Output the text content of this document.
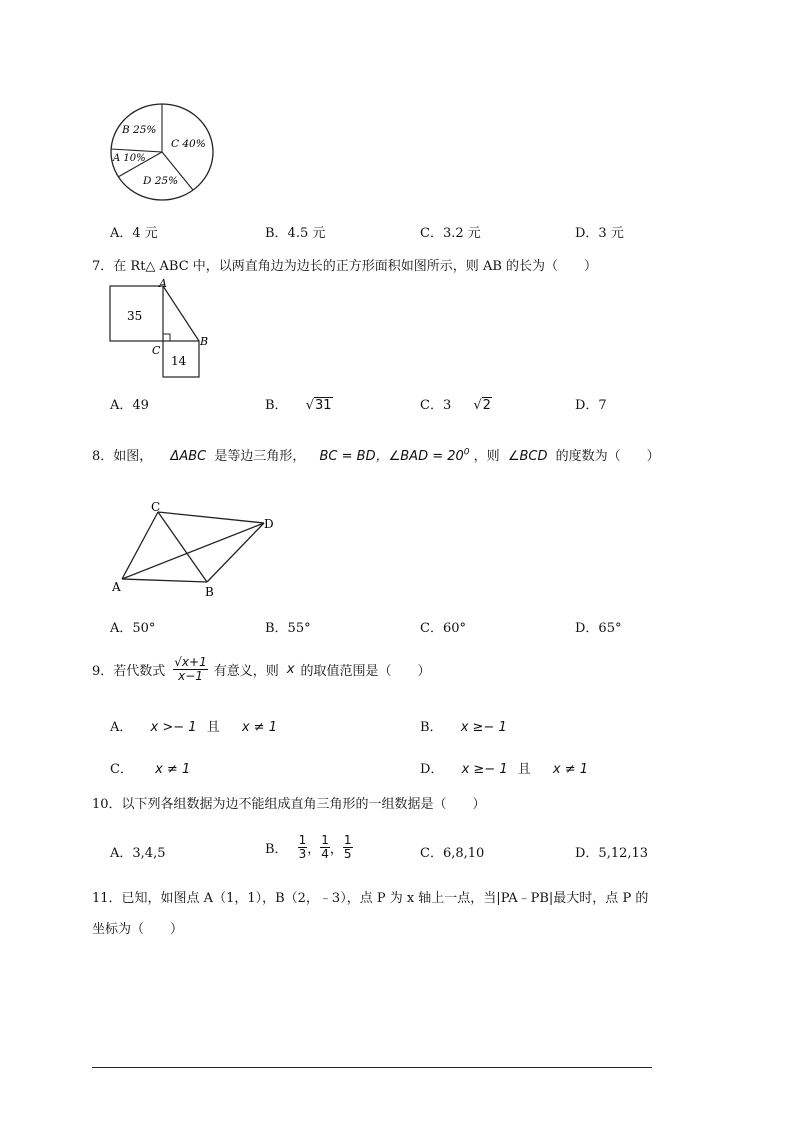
B 25%
C 40%
A 10%
D 25%
A．4 元	B．4.5 元	C．3.2 元	D．3 元
7．在 Rt△ ABC 中，以两直角边为边长的正方形面积如图所示，则 AB 的长为（　　）
35
14
A
B
C
A．49	B． √31	C．3 √2	D．7
8．如图， ΔABC 是等边三角形， BC = BD，∠BAD = $20^0$ ，则 ∠BCD 的度数为（　　）
A	B
C
D
A．50°	B．55°	C．60°	D．65°
9．若代数式 $\frac{√x+1}{x-1}$ 有意义，则 x 的取值范围是（　　）
A． x >− 1 且 x ≠ 1	B． x ≥− 1
C． x ≠ 1	D． x ≥− 1 且 x ≠ 1
10．以下列各组数据为边不能组成直角三角形的一组数据是（　　）
A．3,4,5	B． $\frac{1}{3}$ ， $\frac{1}{4}$ ， $\frac{1}{5}$	C．6,8,10	D．5,12,13
11．已知，如图点 A（1，1），B（2，﹣3），点 P 为 x 轴上一点，当|PA﹣PB|最大时，点 P 的
坐标为（　　）
